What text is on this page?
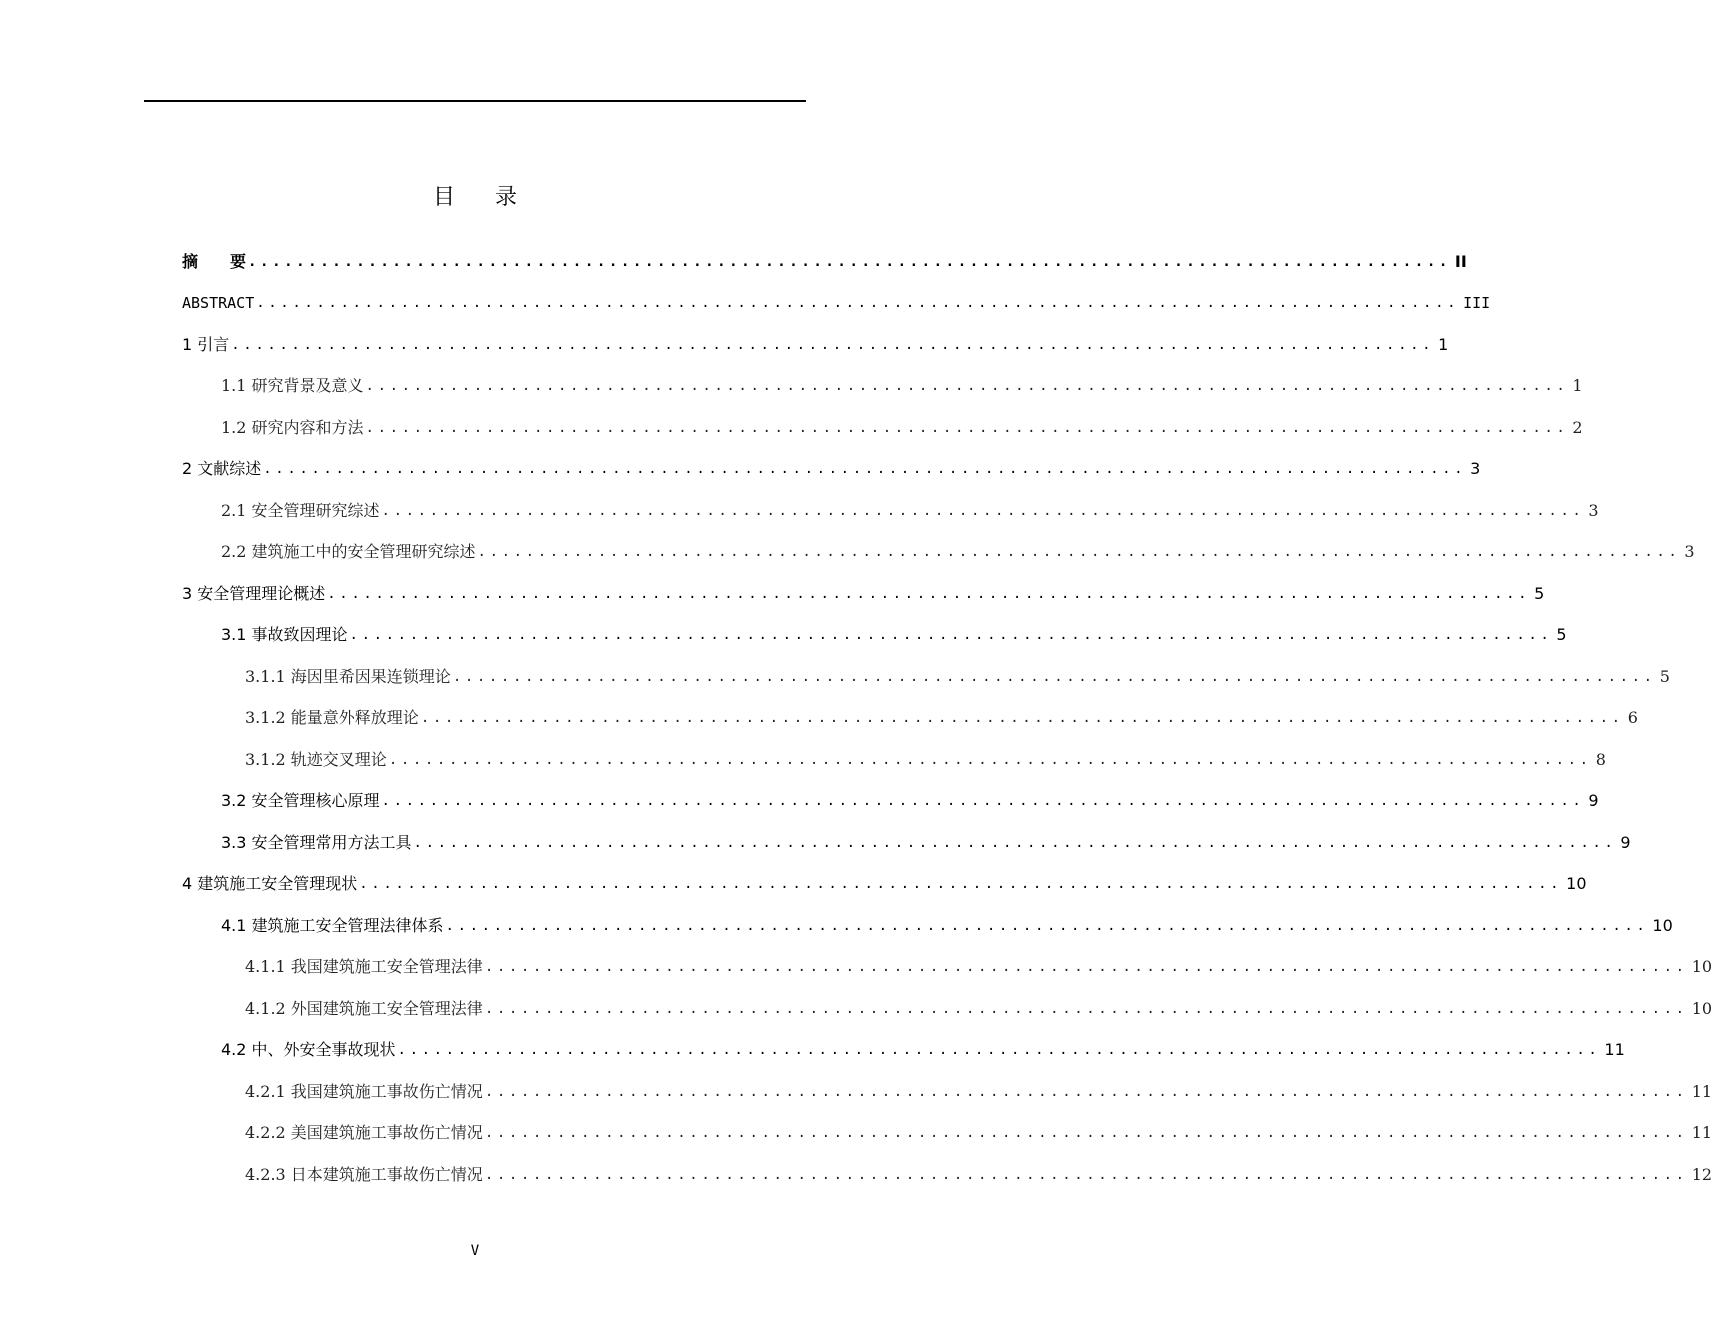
目录
摘　　要 .................................................................................................... II
ABSTRACT .................................................................................................... III
1 引言 .................................................................................................... 1
1.1 研究背景及意义 .................................................................................................... 1
1.2 研究内容和方法 .................................................................................................... 2
2 文献综述 .................................................................................................... 3
2.1 安全管理研究综述 .................................................................................................... 3
2.2 建筑施工中的安全管理研究综述 .................................................................................................... 3
3 安全管理理论概述 .................................................................................................... 5
3.1 事故致因理论 .................................................................................................... 5
3.1.1 海因里希因果连锁理论 .................................................................................................... 5
3.1.2 能量意外释放理论 .................................................................................................... 6
3.1.2 轨迹交叉理论 .................................................................................................... 8
3.2 安全管理核心原理 .................................................................................................... 9
3.3 安全管理常用方法工具 .................................................................................................... 9
4 建筑施工安全管理现状 .................................................................................................... 10
4.1 建筑施工安全管理法律体系 .................................................................................................... 10
4.1.1 我国建筑施工安全管理法律 .................................................................................................... 10
4.1.2 外国建筑施工安全管理法律 .................................................................................................... 10
4.2 中、外安全事故现状 .................................................................................................... 11
4.2.1 我国建筑施工事故伤亡情况 .................................................................................................... 11
4.2.2 美国建筑施工事故伤亡情况 .................................................................................................... 11
4.2.3 日本建筑施工事故伤亡情况 .................................................................................................... 12
V
